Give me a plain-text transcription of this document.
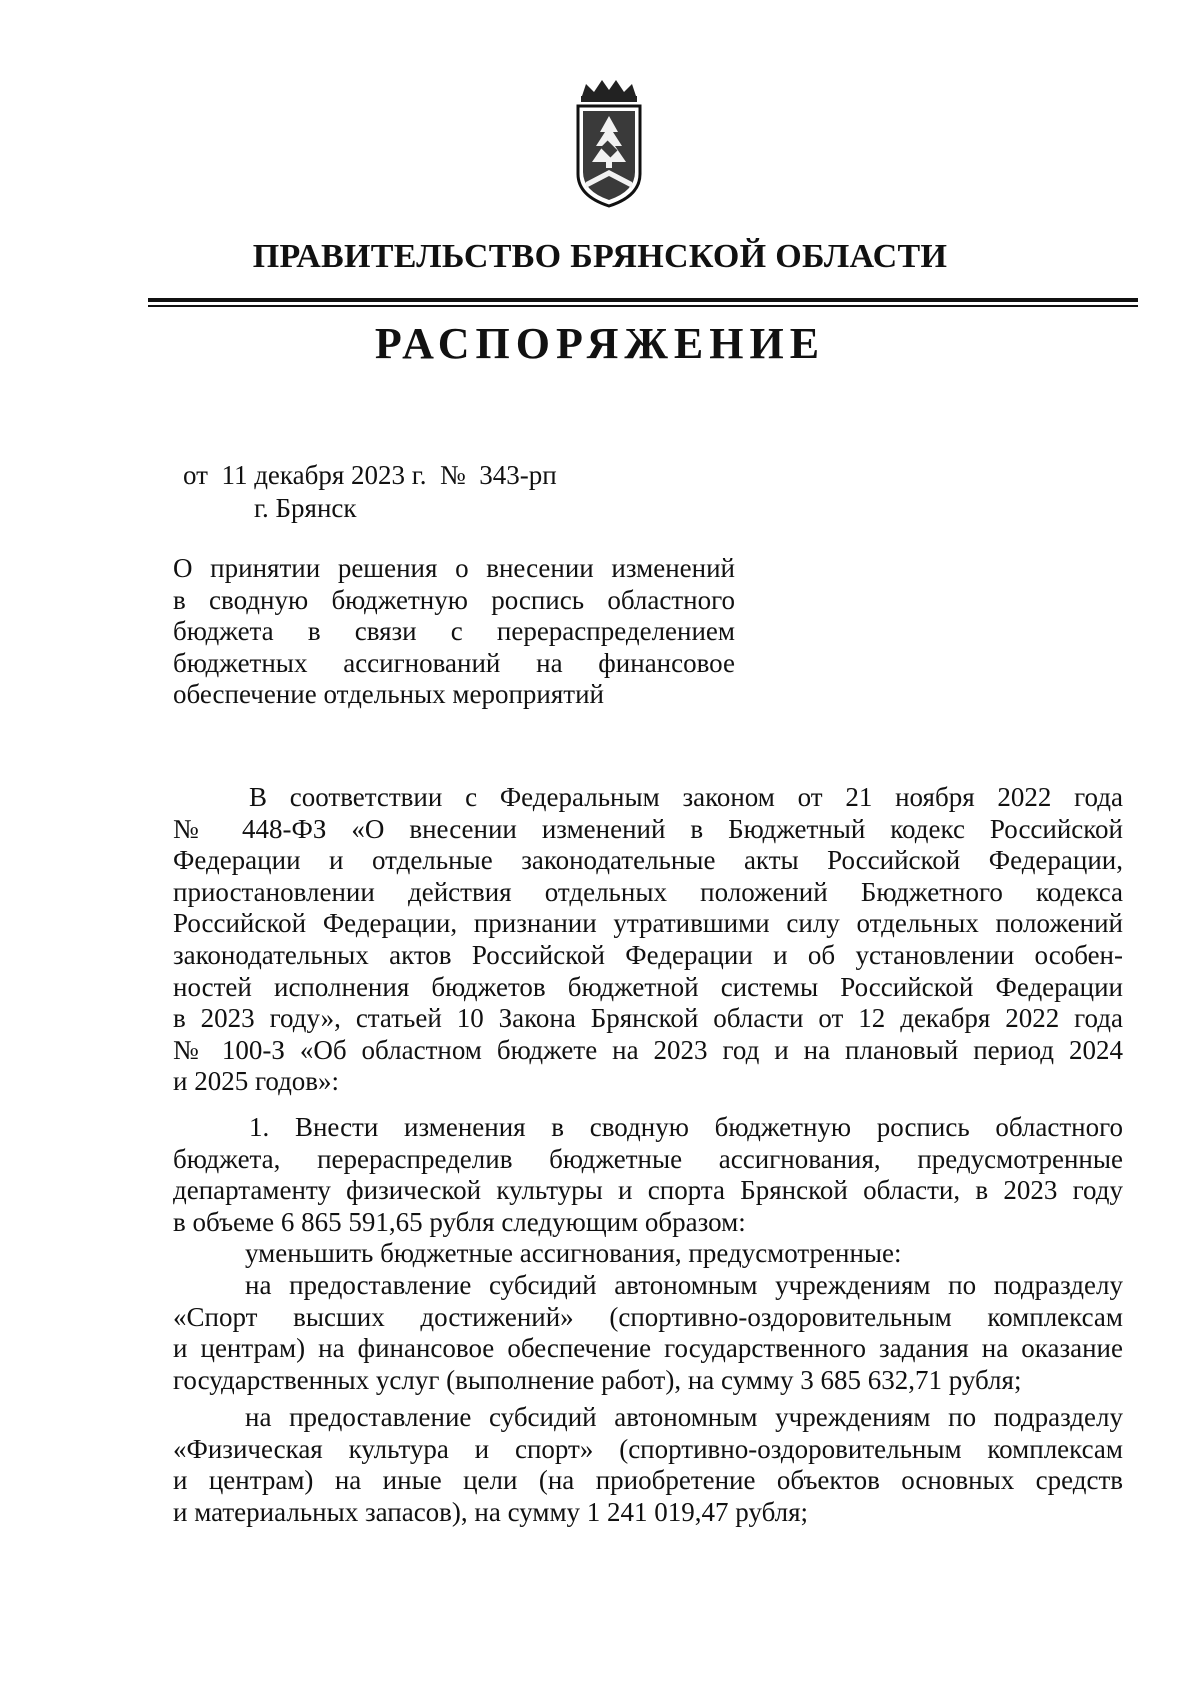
ПРАВИТЕЛЬСТВО БРЯНСКОЙ ОБЛАСТИ
РАСПОРЯЖЕНИЕ
от  11 декабря 2023 г.  №  343-рп
г. Брянск
О принятии решения о внесении изменений
в сводную бюджетную роспись областного
бюджета в связи с перераспределением
бюджетных ассигнований на финансовое
обеспечение отдельных мероприятий
В соответствии с Федеральным законом от 21 ноября 2022 года
№ 448-ФЗ «О внесении изменений в Бюджетный кодекс Российской
Федерации и отдельные законодательные акты Российской Федерации,
приостановлении действия отдельных положений Бюджетного кодекса
Российской Федерации, признании утратившими силу отдельных положений
законодательных актов Российской Федерации и об установлении особен-
ностей исполнения бюджетов бюджетной системы Российской Федерации
в 2023 году», статьей 10 Закона Брянской области от 12 декабря 2022 года
№ 100-З «Об областном бюджете на 2023 год и на плановый период 2024
и 2025 годов»:
1. Внести изменения в сводную бюджетную роспись областного
бюджета, перераспределив бюджетные ассигнования, предусмотренные
департаменту физической культуры и спорта Брянской области, в 2023 году
в объеме 6 865 591,65 рубля следующим образом:
уменьшить бюджетные ассигнования, предусмотренные:
на предоставление субсидий автономным учреждениям по подразделу
«Спорт высших достижений» (спортивно-оздоровительным комплексам
и центрам) на финансовое обеспечение государственного задания на оказание
государственных услуг (выполнение работ), на сумму 3 685 632,71 рубля;
на предоставление субсидий автономным учреждениям по подразделу
«Физическая культура и спорт» (спортивно-оздоровительным комплексам
и центрам) на иные цели (на приобретение объектов основных средств
и материальных запасов), на сумму 1 241 019,47 рубля;
